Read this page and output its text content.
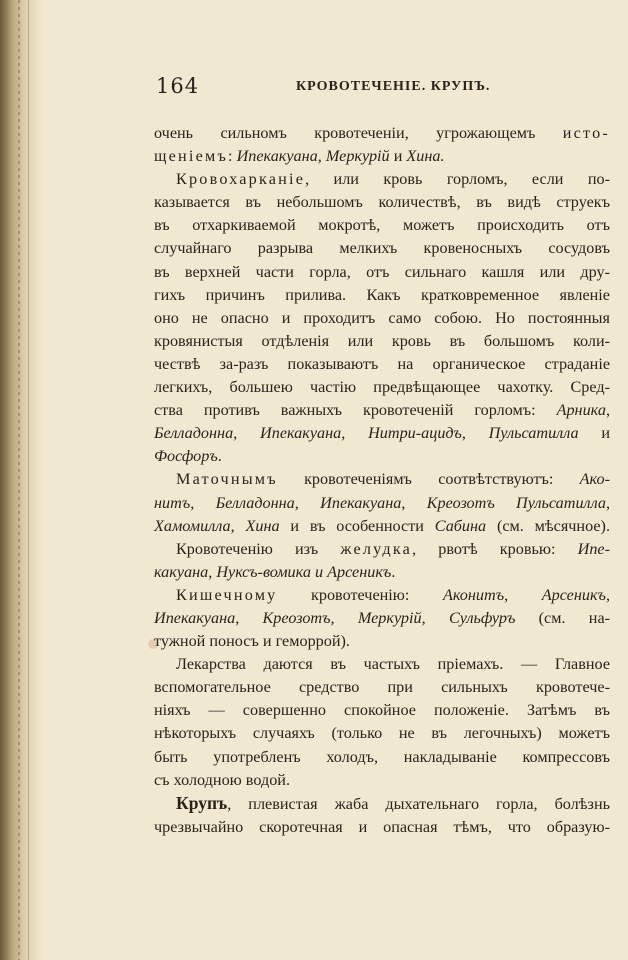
164	КРОВОТЕЧЕНІЕ. КРУПЪ.
очень сильномъ кровотеченіи, угрожающемъ исто-
щеніемъ: Ипекакуана, Меркурій и Хина.
Кровохарканіе, или кровь горломъ, если по-
казывается въ небольшомъ количествѣ, въ видѣ струекъ
въ отхаркиваемой мокротѣ, можетъ происходить отъ
случайнаго разрыва мелкихъ кровеносныхъ сосудовъ
въ верхней части горла, отъ сильнаго кашля или дру-
гихъ причинъ прилива. Какъ кратковременное явленіе
оно не опасно и проходитъ само собою. Но постоянныя
кровянистыя отдѣленія или кровь въ большомъ коли-
чествѣ за-разъ показываютъ на органическое страданіе
легкихъ, большею частію предвѣщающее чахотку. Сред-
ства противъ важныхъ кровотеченій горломъ: Арника,
Белладонна, Ипекакуана, Нитри-ацидъ, Пульсатилла и
Фосфоръ.
Маточнымъ кровотеченіямъ соотвѣтствуютъ: Ако-
нитъ, Белладонна, Ипекакуана, Креозотъ Пульсатилла,
Хамомилла, Хина и въ особенности Сабина (см. мѣсячное).
Кровотеченію изъ желудка, рвотѣ кровью: Ипе-
какуана, Нуксъ-вомика и Арсеникъ.
Кишечному кровотеченію: Аконитъ, Арсеникъ,
Ипекакуана, Креозотъ, Меркурій, Сульфуръ (см. на-
тужной поносъ и геморрой).
Лекарства даются въ частыхъ пріемахъ. — Главное
вспомогательное средство при сильныхъ кровотече-
ніяхъ — совершенно спокойное положеніе. Затѣмъ въ
нѣкоторыхъ случаяхъ (только не въ легочныхъ) можетъ
быть употребленъ холодъ, накладываніе компрессовъ
съ холодною водой.
Крупъ, плевистая жаба дыхательнаго горла, болѣзнь
чрезвычайно скоротечная и опасная тѣмъ, что образую-
